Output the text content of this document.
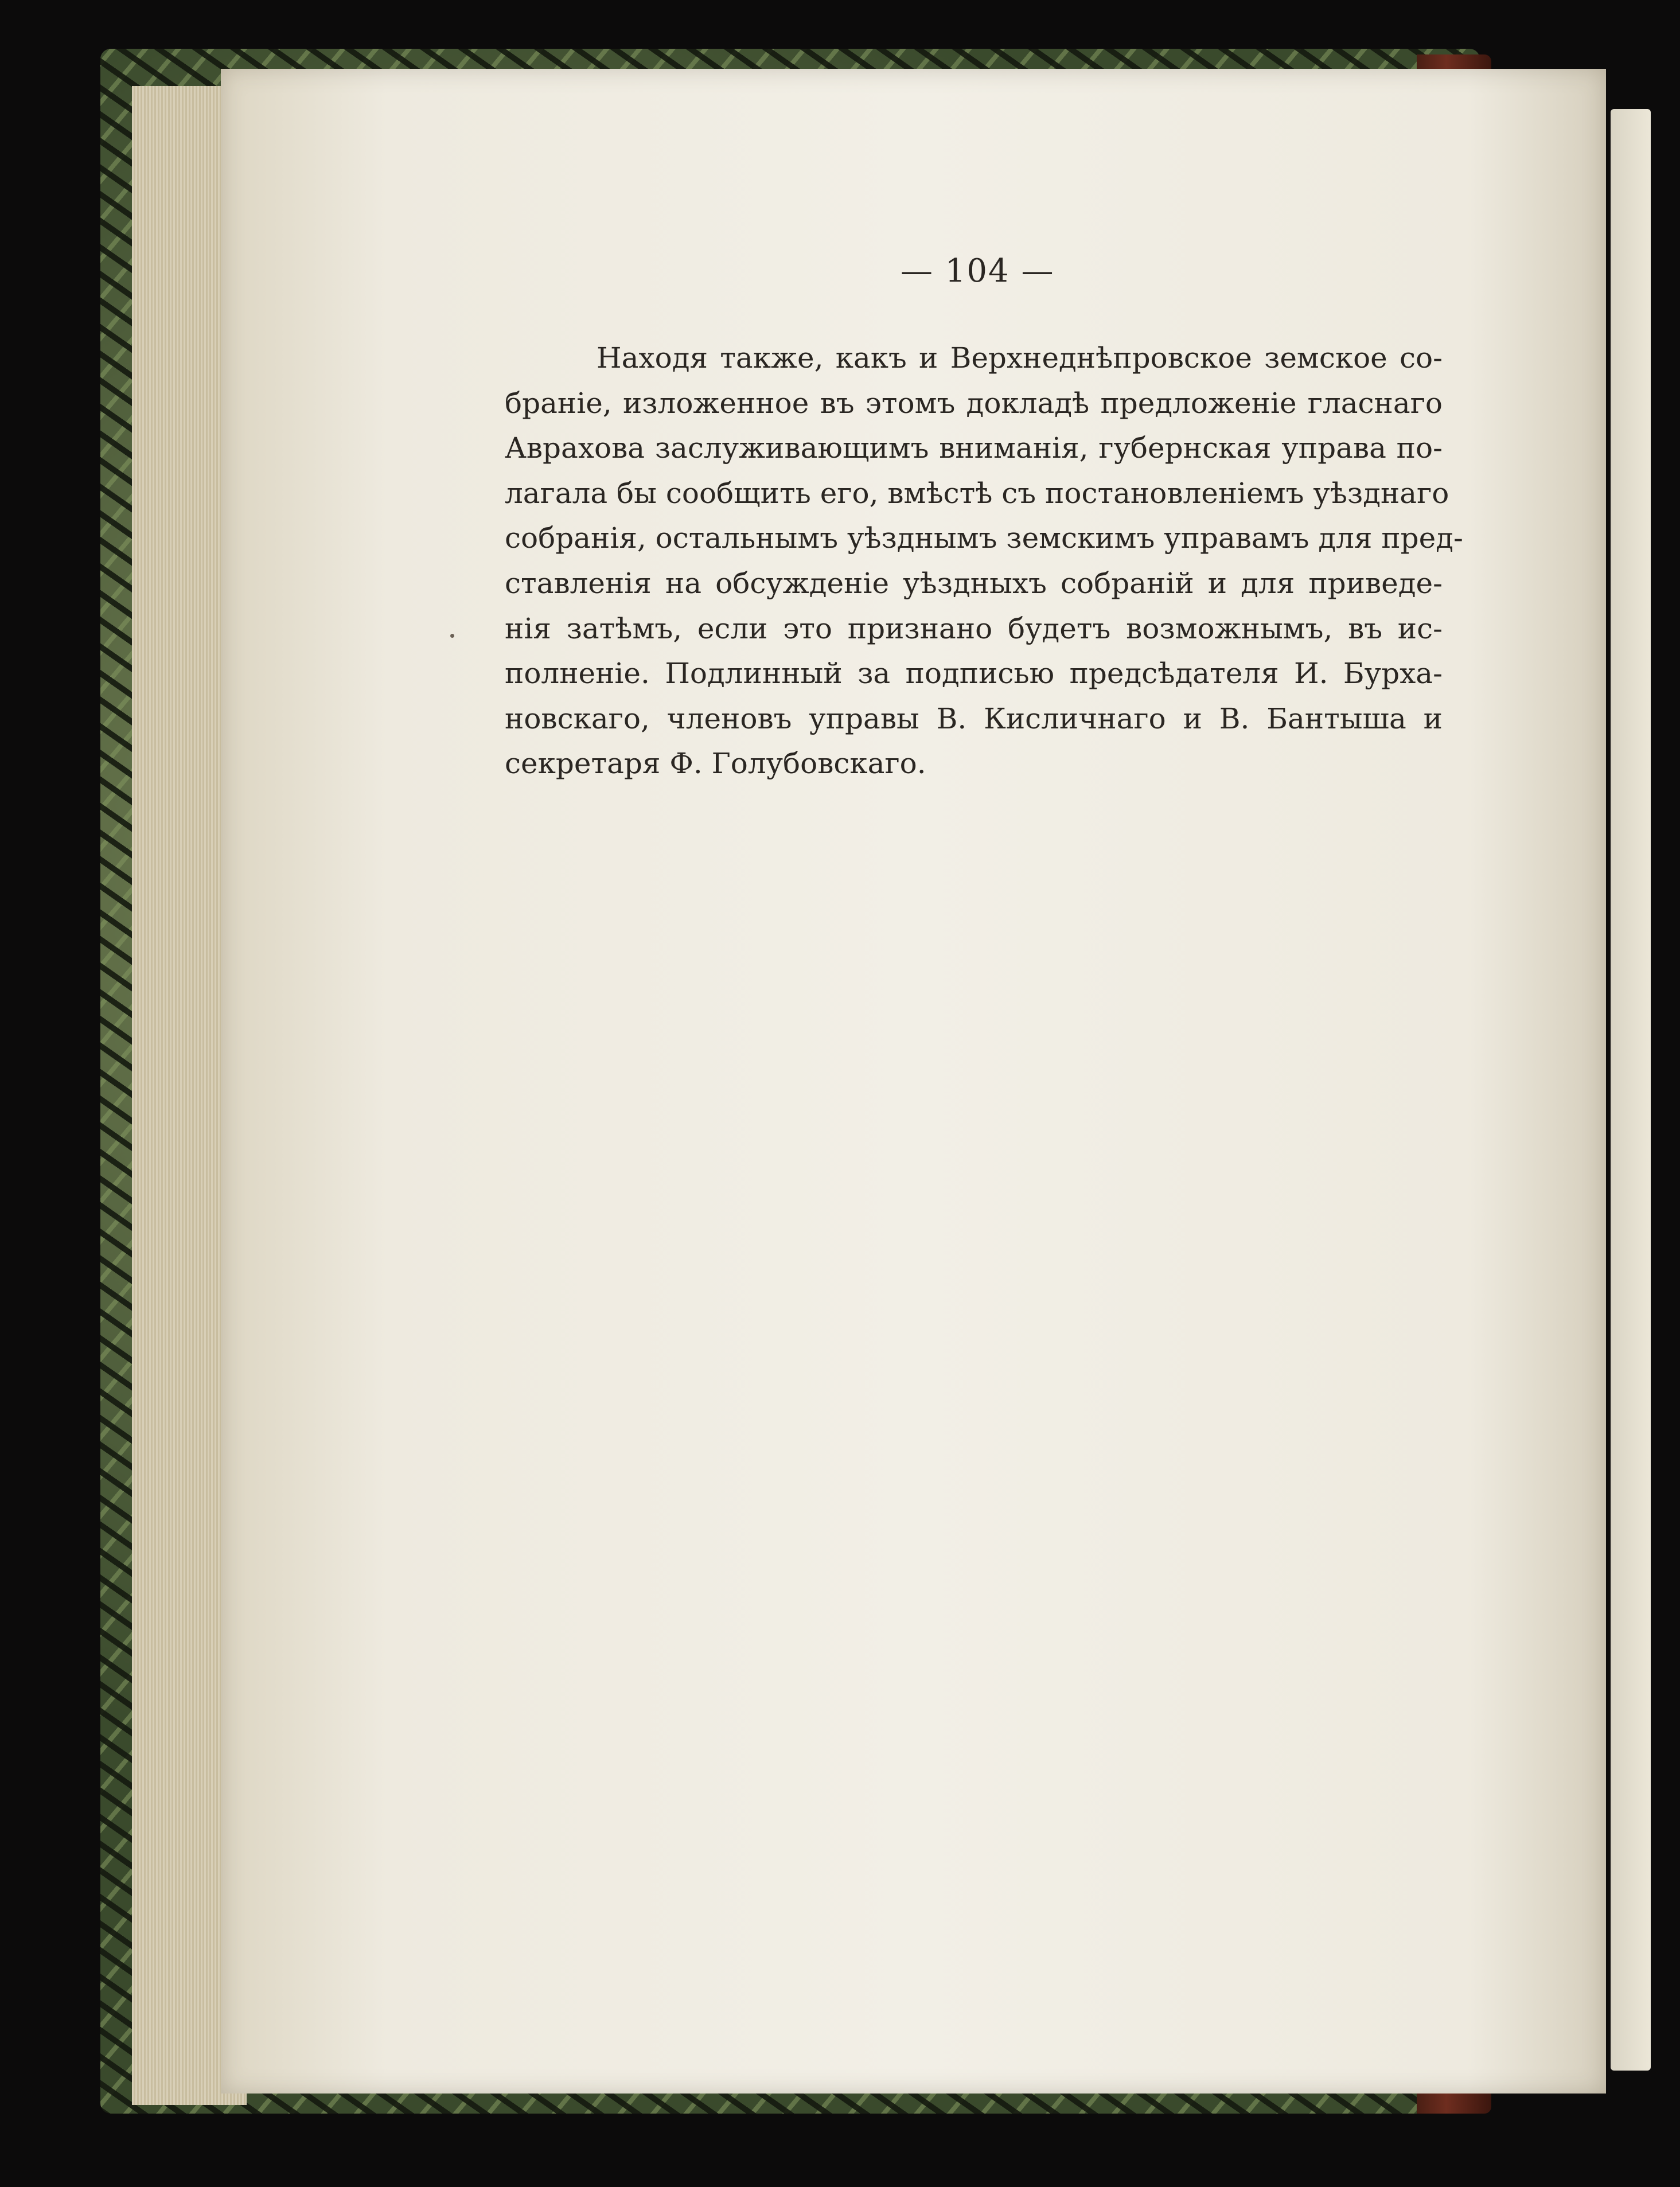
— 104 —
Находя также, какъ и Верхнеднѣпровское земское со-
бранiе, изложенное въ этомъ докладѣ предложенiе гласнаго
Аврахова заслуживающимъ вниманiя, губернская управа по-
лагала бы сообщить его, вмѣстѣ съ постановленiемъ уѣзднаго
собранiя, остальнымъ уѣзднымъ земскимъ управамъ для пред-
ставленiя на обсужденiе уѣздныхъ собранiй и для приведе-
нiя затѣмъ, если это признано будетъ возможнымъ, въ ис-
полненiе. Подлинный за подписью предсѣдателя И. Бурха-
новскаго, членовъ управы В. Кисличнаго и В. Бантыша и
секретаря Ф. Голубовскаго.
